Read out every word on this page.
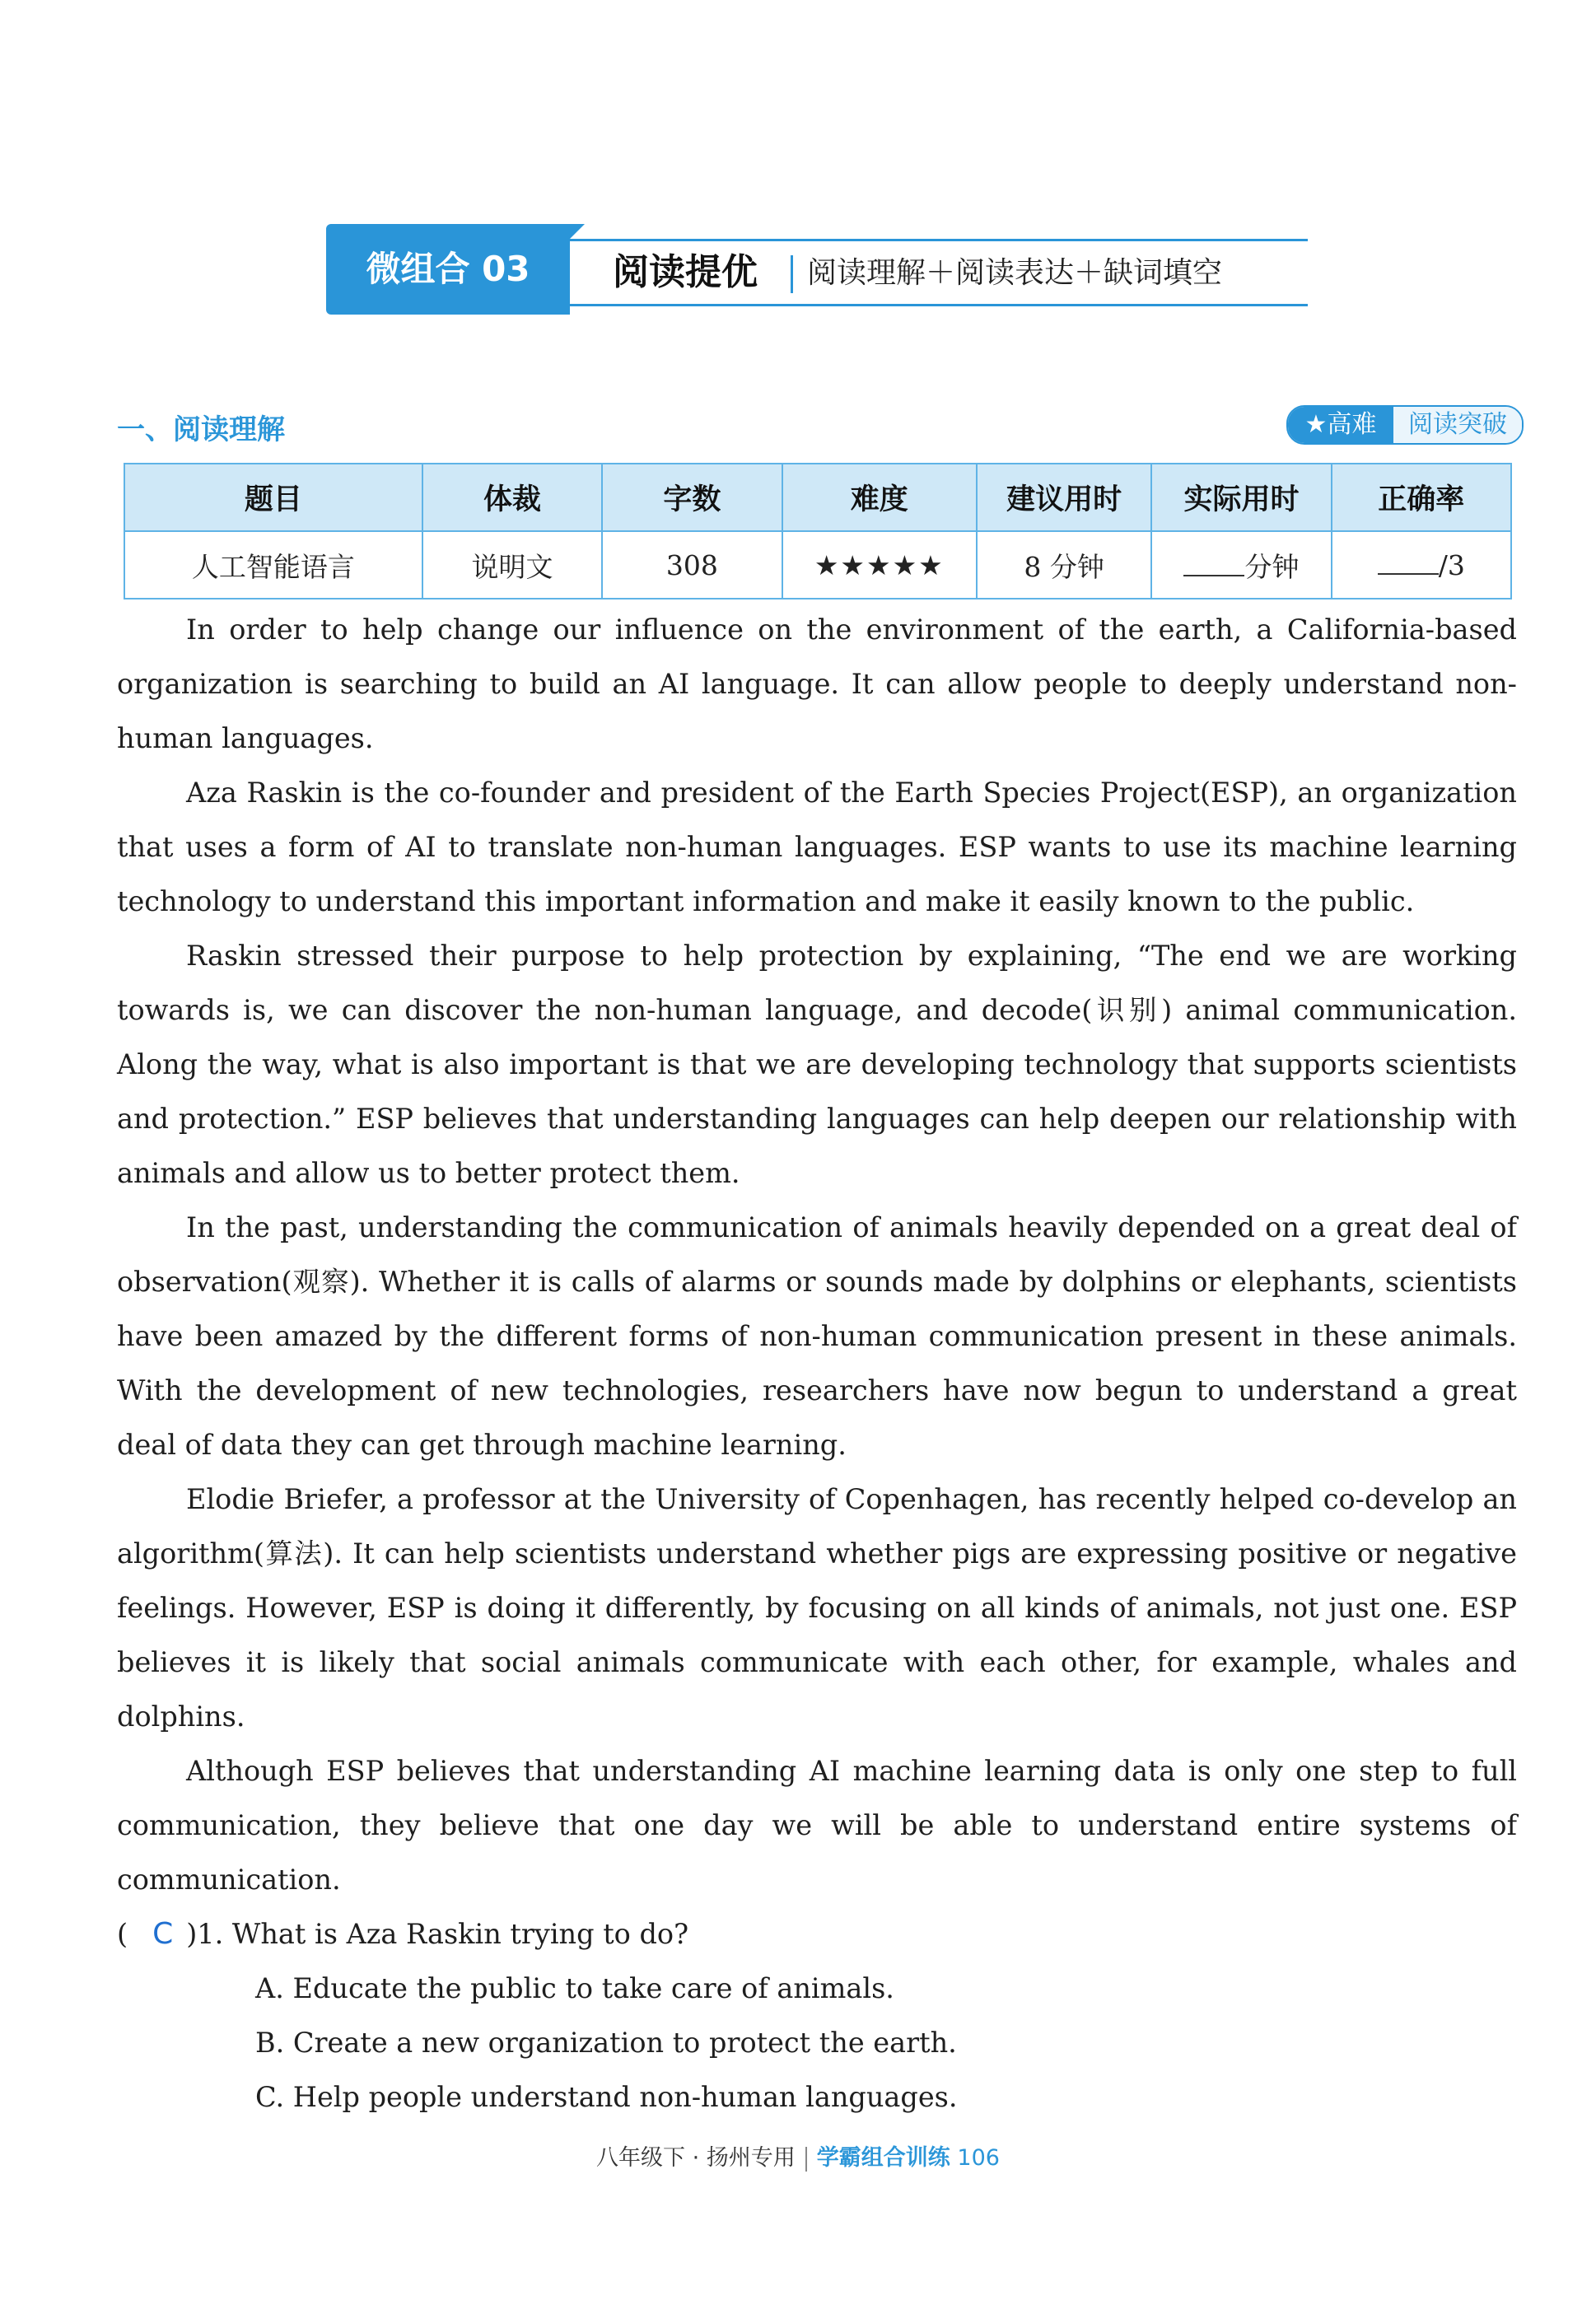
微组合 03	阅读提优 阅读理解＋阅读表达＋缺词填空
一、阅读理解	★高难	阅读突破
题目	体裁	字数	难度	建议用时	实际用时	正确率
人工智能语言	说明文	308	★★★★★	8 分钟	分钟	/3

In order to help change our influence on the environment of the earth, a California-based organization is searching to build an AI language. It can allow people to deeply understand non-human languages.

Aza Raskin is the co-founder and president of the Earth Species Project(ESP), an organization that uses a form of AI to translate non-human languages. ESP wants to use its machine learning technology to understand this important information and make it easily known to the public.

Raskin stressed their purpose to help protection by explaining, “The end we are working towards is, we can discover the non-human language, and decode(识别) animal communication. Along the way, what is also important is that we are developing technology that supports scientists and protection.” ESP believes that understanding languages can help deepen our relationship with animals and allow us to better protect them.

In the past, understanding the communication of animals heavily depended on a great deal of observation(观察). Whether it is calls of alarms or sounds made by dolphins or elephants, scientists have been amazed by the different forms of non-human communication present in these animals. With the development of new technologies, researchers have now begun to understand a great deal of data they can get through machine learning.

Elodie Briefer, a professor at the University of Copenhagen, has recently helped co-develop an algorithm(算法). It can help scientists understand whether pigs are expressing positive or negative feelings. However, ESP is doing it differently, by focusing on all kinds of animals, not just one. ESP believes it is likely that social animals communicate with each other, for example, whales and dolphins.

Although ESP believes that understanding AI machine learning data is only one step to full communication, they believe that one day we will be able to understand entire systems of communication.

( C ) 1.
What is Aza Raskin trying to do?
A. Educate the public to take care of animals.
B. Create a new organization to protect the earth.
C. Help people understand non-human languages.
八年级下 · 扬州专用 学霸组合训练 106
